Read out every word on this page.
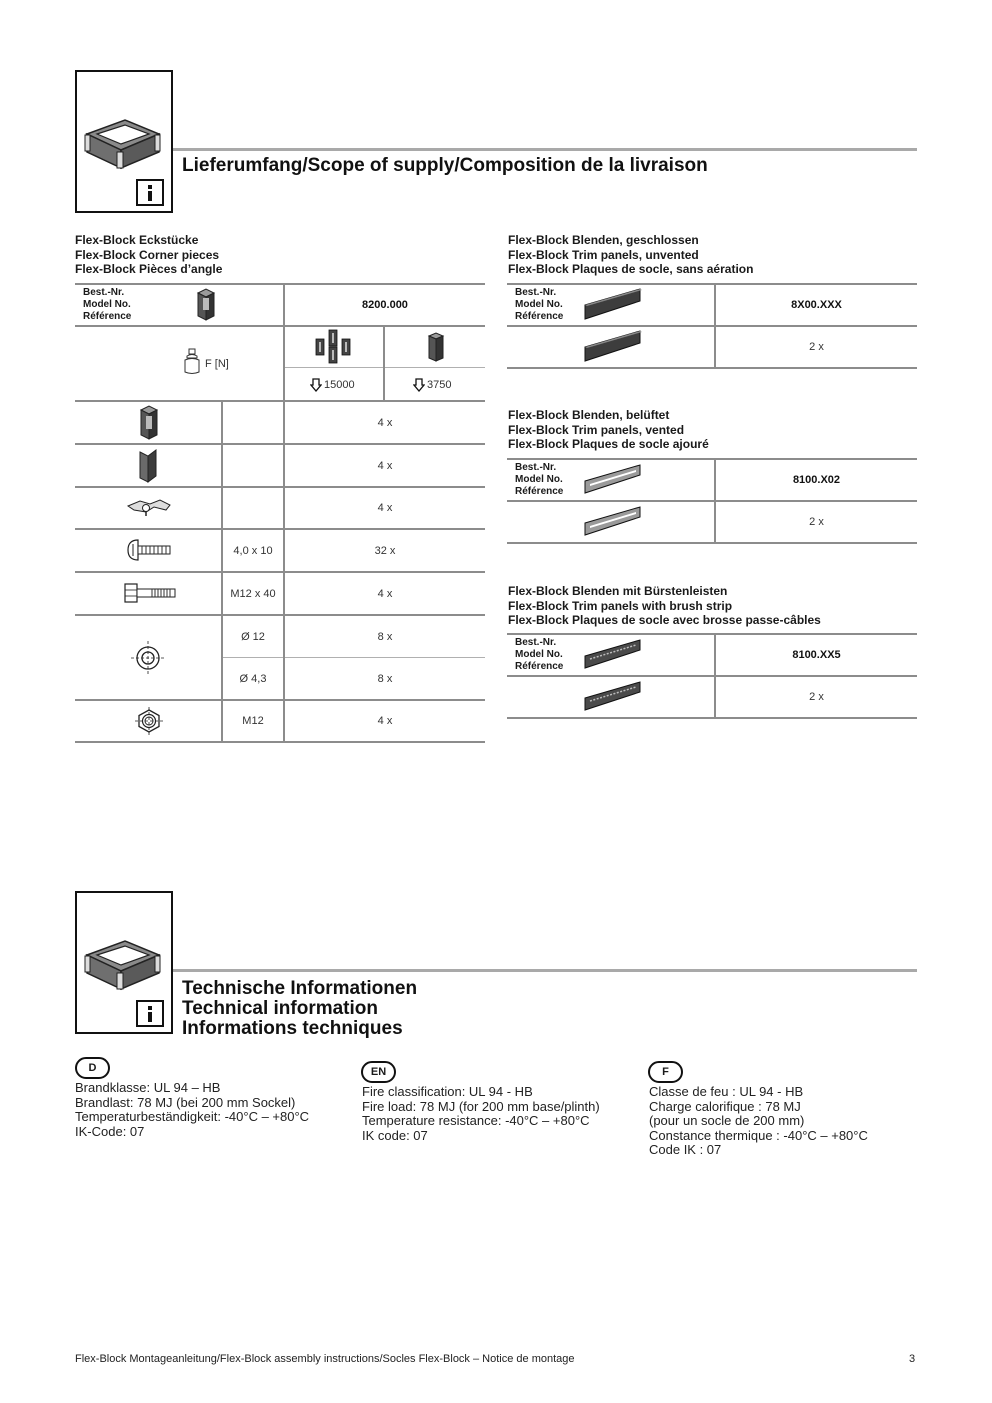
Lieferumfang/Scope of supply/Composition de la livraison
Flex-Block Eckstücke
Flex-Block Corner pieces
Flex-Block Pièces d’angle
Best.-Nr.
Model No.
Référence
8200.000
F [N]
15000	3750
4,0 x 10
M12 x 40
Ø 12
Ø 4,3
M12
4 x
4 x
4 x
32 x
4 x
8 x
8 x
4 x
Flex-Block Blenden, geschlossen
Flex-Block Trim panels, unvented
Flex-Block Plaques de socle, sans aération
Best.-Nr.
Model No.
Référence
8X00.XXX
2 x
Flex-Block Blenden, belüftet
Flex-Block Trim panels, vented
Flex-Block Plaques de socle ajouré
Best.-Nr.
Model No.
Référence
8100.X02
2 x
Flex-Block Blenden mit Bürstenleisten
Flex-Block Trim panels with brush strip
Flex-Block Plaques de socle avec brosse passe-câbles
Best.-Nr.
Model No.
Référence
8100.XX5
2 x
Technische Informationen
Technical information
Informations techniques
D
Brandklasse: UL 94 – HB
Brandlast: 78 MJ (bei 200 mm Sockel)
Temperaturbeständigkeit: -40°C – +80°C
IK-Code: 07
EN
Fire classification: UL 94 - HB
Fire load: 78 MJ (for 200 mm base/plinth)
Temperature resistance: -40°C – +80°C
IK code: 07
F
Classe de feu : UL 94 - HB
Charge calorifique : 78 MJ
(pour un socle de 200 mm)
Constance thermique : -40°C – +80°C
Code IK : 07
Flex-Block Montageanleitung/Flex-Block assembly instructions/Socles Flex-Block – Notice de montage	3
